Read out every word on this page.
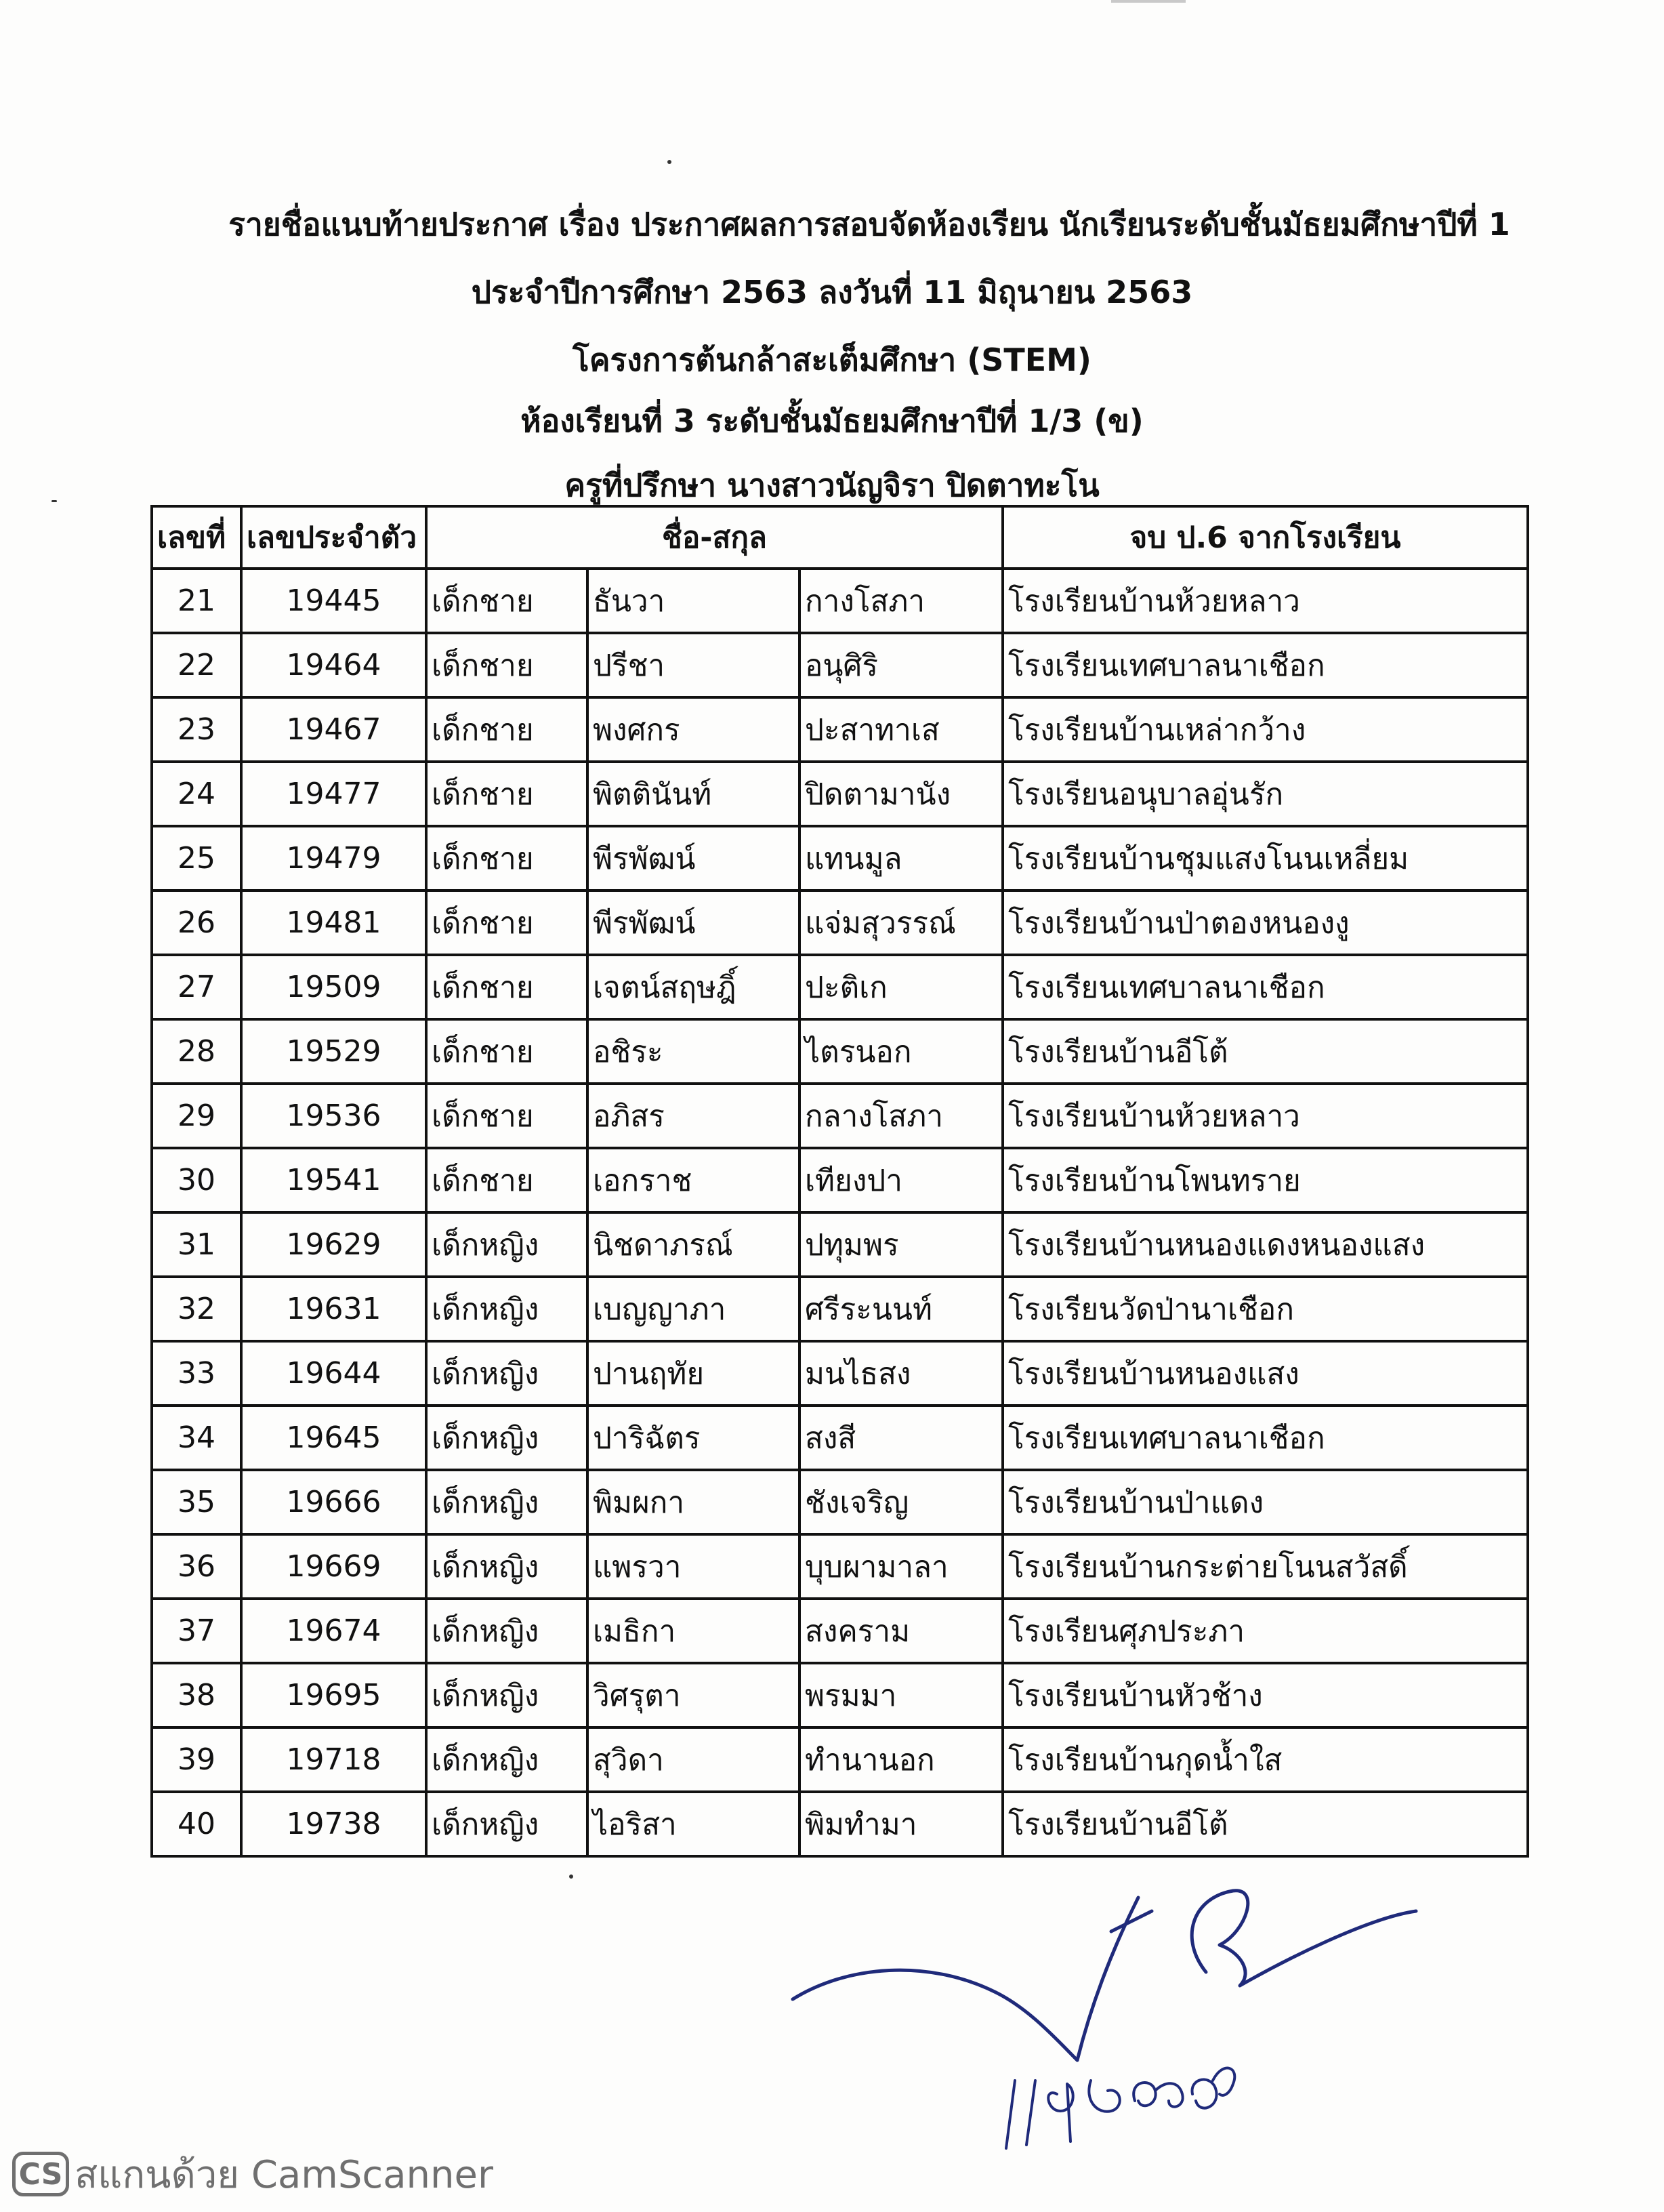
รายชื่อแนบท้ายประกาศ เรื่อง ประกาศผลการสอบจัดห้องเรียน นักเรียนระดับชั้นมัธยมศึกษาปีที่ 1
ประจำปีการศึกษา 2563 ลงวันที่ 11 มิถุนายน 2563
โครงการต้นกล้าสะเต็มศึกษา (STEM)
ห้องเรียนที่ 3 ระดับชั้นมัธยมศึกษาปีที่ 1/3 (ข)
ครูที่ปรึกษา นางสาวนัญจิรา ปิดตาทะโน
เลขที่	เลขประจำตัว	ชื่อ-สกุล			จบ ป.6 จากโรงเรียน
21	19445	เด็กชาย	ธันวา	กางโสภา	โรงเรียนบ้านห้วยหลาว
22	19464	เด็กชาย	ปรีชา	อนุศิริ	โรงเรียนเทศบาลนาเชือก
23	19467	เด็กชาย	พงศกร	ปะสาทาเส	โรงเรียนบ้านเหล่ากว้าง
24	19477	เด็กชาย	พิตตินันท์	ปิดตามานัง	โรงเรียนอนุบาลอุ่นรัก
25	19479	เด็กชาย	พีรพัฒน์	แทนมูล	โรงเรียนบ้านชุมแสงโนนเหลี่ยม
26	19481	เด็กชาย	พีรพัฒน์	แจ่มสุวรรณ์	โรงเรียนบ้านป่าตองหนองงู
27	19509	เด็กชาย	เจตน์สฤษฎิ์	ปะติเก	โรงเรียนเทศบาลนาเชือก
28	19529	เด็กชาย	อชิระ	ไตรนอก	โรงเรียนบ้านอีโต้
29	19536	เด็กชาย	อภิสร	กลางโสภา	โรงเรียนบ้านห้วยหลาว
30	19541	เด็กชาย	เอกราช	เทียงปา	โรงเรียนบ้านโพนทราย
31	19629	เด็กหญิง	นิชดาภรณ์	ปทุมพร	โรงเรียนบ้านหนองแดงหนองแสง
32	19631	เด็กหญิง	เบญญาภา	ศรีระนนท์	โรงเรียนวัดป่านาเชือก
33	19644	เด็กหญิง	ปานฤทัย	มนไธสง	โรงเรียนบ้านหนองแสง
34	19645	เด็กหญิง	ปาริฉัตร	สงสี	โรงเรียนเทศบาลนาเชือก
35	19666	เด็กหญิง	พิมผกา	ชังเจริญ	โรงเรียนบ้านป่าแดง
36	19669	เด็กหญิง	แพรวา	บุบผามาลา	โรงเรียนบ้านกระต่ายโนนสวัสดิ์
37	19674	เด็กหญิง	เมธิกา	สงคราม	โรงเรียนศุภประภา
38	19695	เด็กหญิง	วิศรุตา	พรมมา	โรงเรียนบ้านหัวช้าง
39	19718	เด็กหญิง	สุวิดา	ทำนานอก	โรงเรียนบ้านกุดน้ำใส
40	19738	เด็กหญิง	ไอริสา	พิมทำมา	โรงเรียนบ้านอีโต้
CS สแกนด้วย CamScanner
